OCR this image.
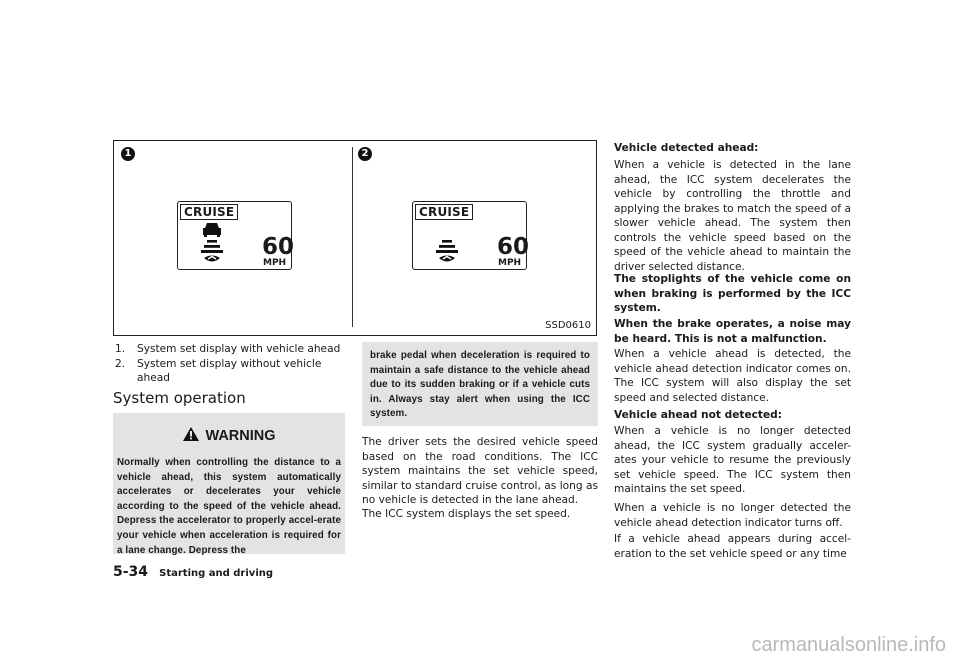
1	2
CRUISE
60
MPH
CRUISE
60
MPH
SSD0610
1.	System set display with vehicle ahead
2.	System set display without vehicle ahead
System operation
WARNING
Normally when controlling the distance to a vehicle ahead, this system automatically accelerates or decelerates your vehicle according to the speed of the vehicle ahead. Depress the accelerator to properly accel-erate your vehicle when acceleration is required for a lane change. Depress the
brake pedal when deceleration is required to maintain a safe distance to the vehicle ahead due to its sudden braking or if a vehicle cuts in. Always stay alert when using the ICC system.
The driver sets the desired vehicle speed based on the road conditions. The ICC system maintains the set vehicle speed, similar to standard cruise control, as long as no vehicle is detected in the lane ahead.
The ICC system displays the set speed.
Vehicle detected ahead:
When a vehicle is detected in the lane ahead, the ICC system decelerates the vehicle by controlling the throttle and applying the brakes to match the speed of a slower vehicle ahead. The system then controls the vehicle speed based on the speed of the vehicle ahead to maintain the driver selected distance.
The stoplights of the vehicle come on when braking is performed by the ICC system.
When the brake operates, a noise may be heard. This is not a malfunction.
When a vehicle ahead is detected, the vehicle ahead detection indicator comes on. The ICC system will also display the set speed and selected distance.
Vehicle ahead not detected:
When a vehicle is no longer detected ahead, the ICC system gradually acceler-ates your vehicle to resume the previously set vehicle speed. The ICC system then maintains the set speed.
When a vehicle is no longer detected the vehicle ahead detection indicator turns off.
If a vehicle ahead appears during accel-eration to the set vehicle speed or any time
5-34 Starting and driving
carmanualsonline.info
